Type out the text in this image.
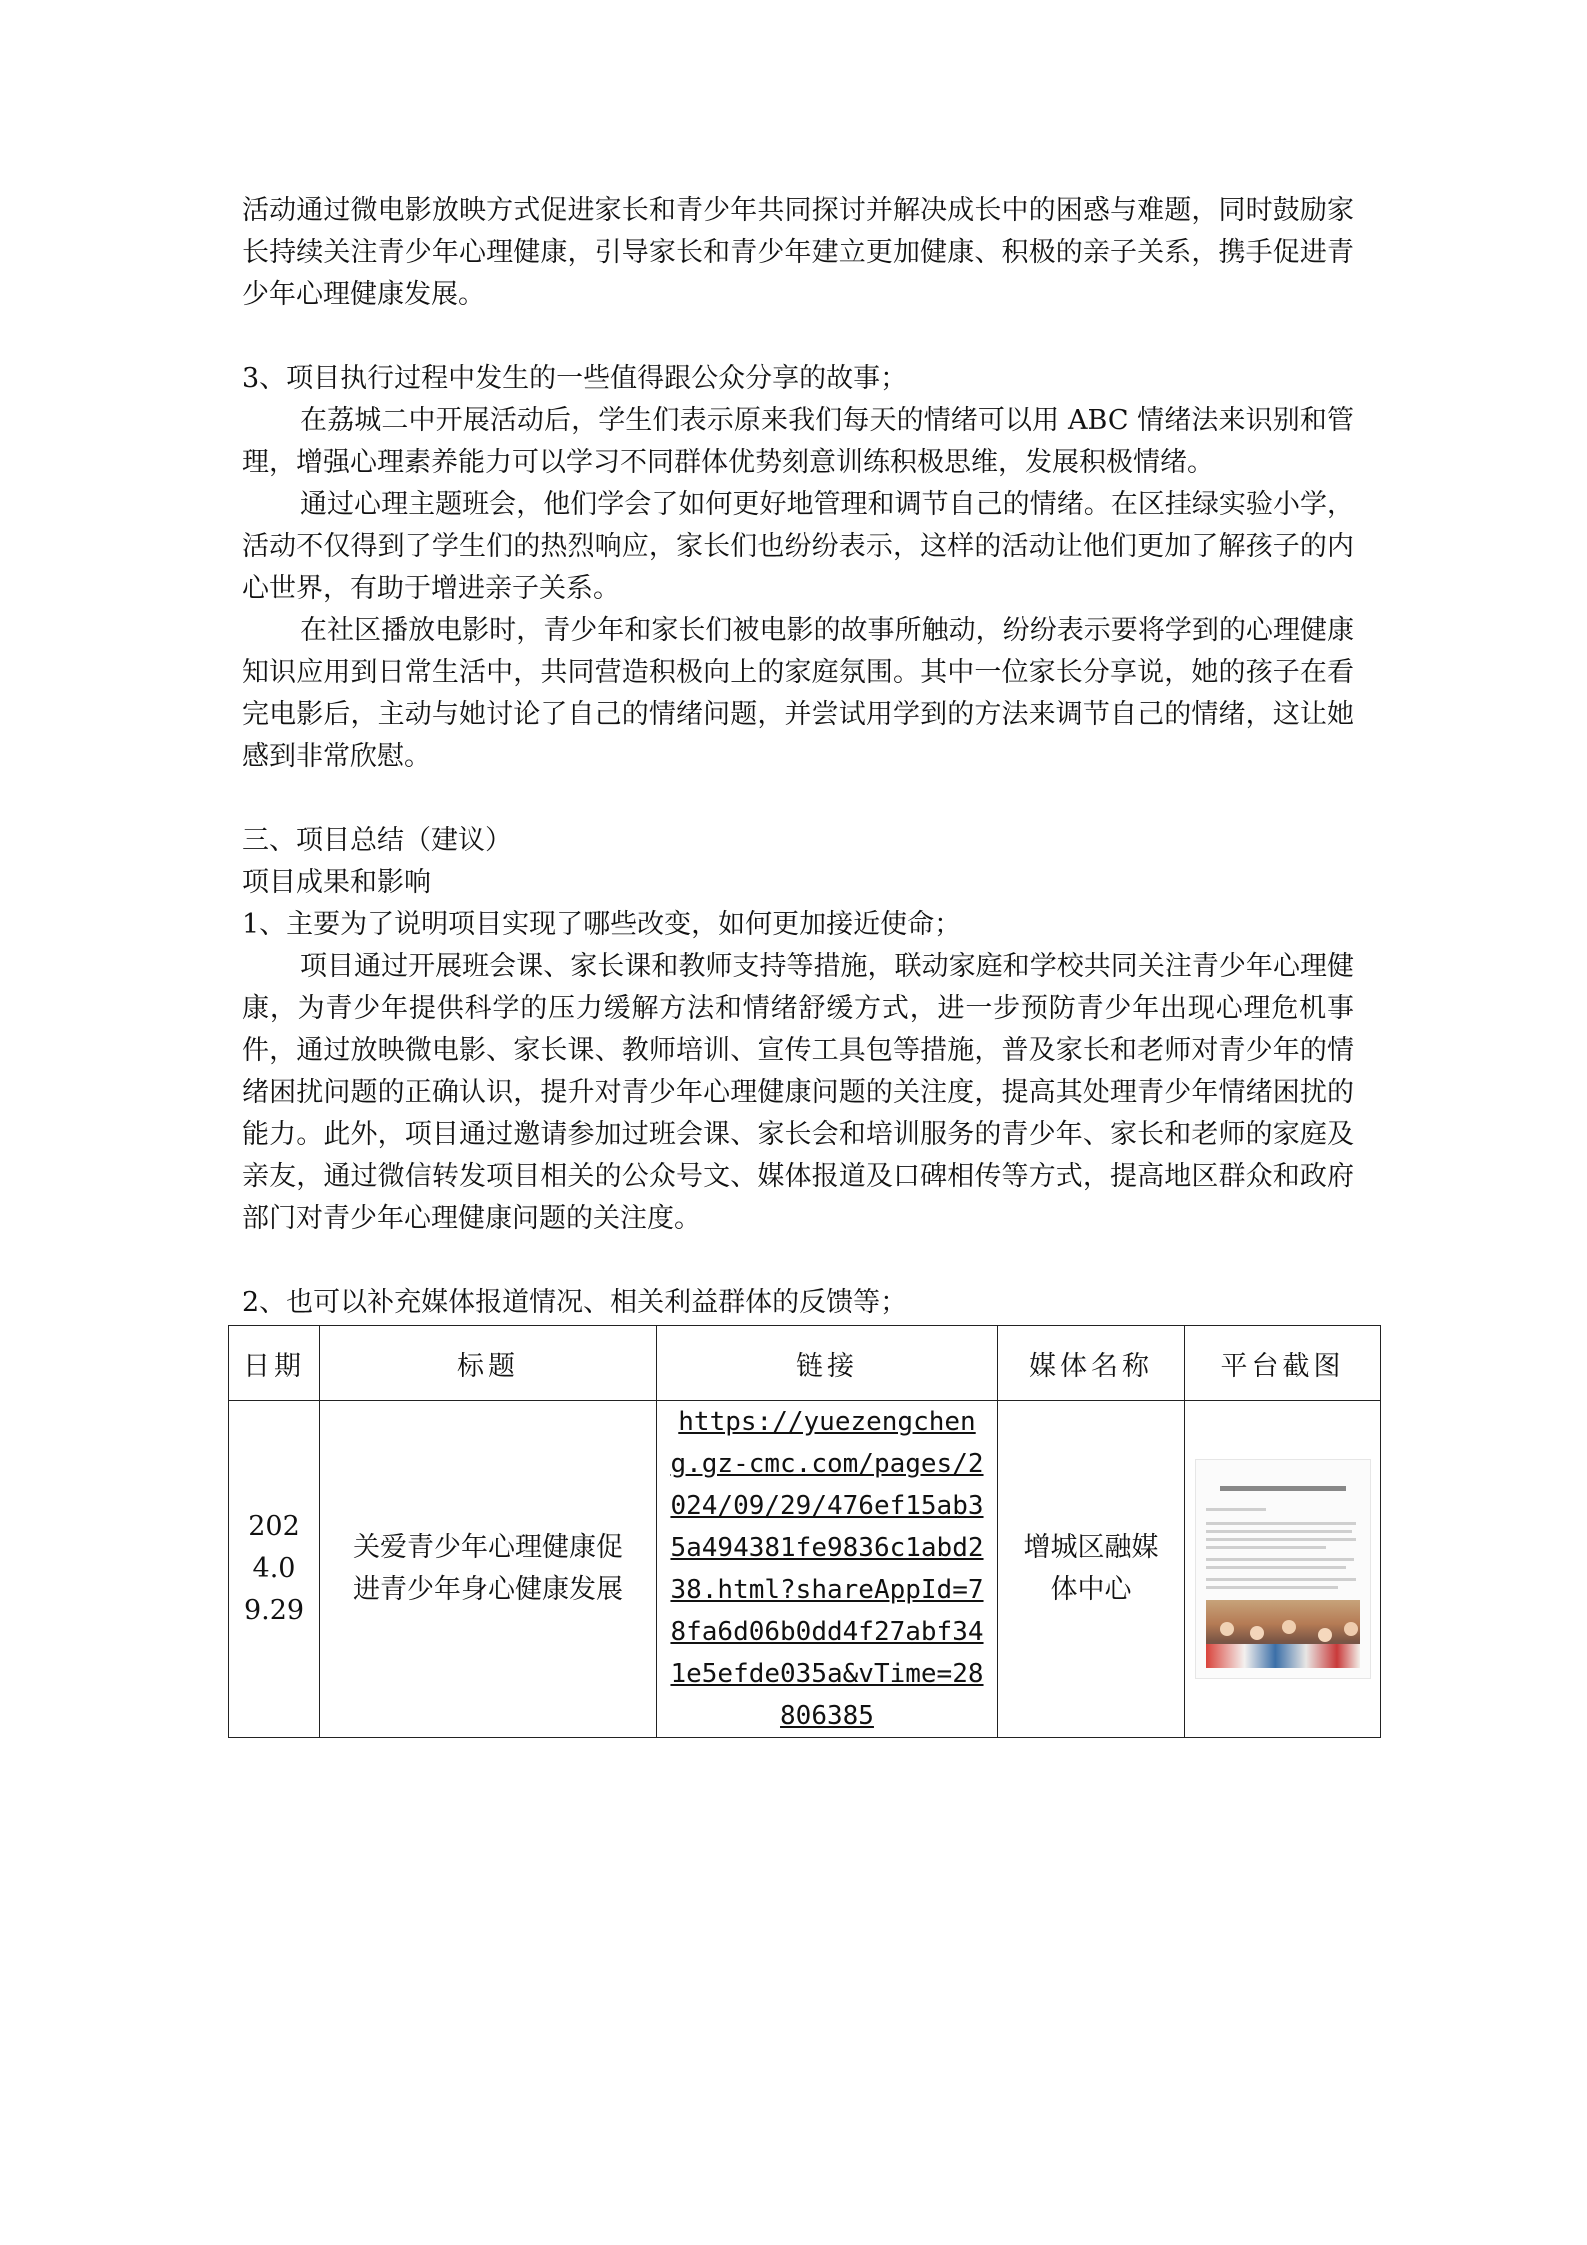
活动通过微电影放映方式促进家长和青少年共同探讨并解决成长中的困惑与难题，同时鼓励家长持续关注青少年心理健康，引导家长和青少年建立更加健康、积极的亲子关系，携手促进青少年心理健康发展。

3、项目执行过程中发生的一些值得跟公众分享的故事；

在荔城二中开展活动后，学生们表示原来我们每天的情绪可以用 ABC 情绪法来识别和管理，增强心理素养能力可以学习不同群体优势刻意训练积极思维，发展积极情绪。

通过心理主题班会，他们学会了如何更好地管理和调节自己的情绪。在区挂绿实验小学，活动不仅得到了学生们的热烈响应，家长们也纷纷表示，这样的活动让他们更加了解孩子的内心世界，有助于增进亲子关系。

在社区播放电影时，青少年和家长们被电影的故事所触动，纷纷表示要将学到的心理健康知识应用到日常生活中，共同营造积极向上的家庭氛围。其中一位家长分享说，她的孩子在看完电影后，主动与她讨论了自己的情绪问题，并尝试用学到的方法来调节自己的情绪，这让她感到非常欣慰。

三、项目总结（建议）

项目成果和影响

1、主要为了说明项目实现了哪些改变，如何更加接近使命；

项目通过开展班会课、家长课和教师支持等措施，联动家庭和学校共同关注青少年心理健康，为青少年提供科学的压力缓解方法和情绪舒缓方式，进一步预防青少年出现心理危机事件，通过放映微电影、家长课、教师培训、宣传工具包等措施，普及家长和老师对青少年的情绪困扰问题的正确认识，提升对青少年心理健康问题的关注度，提高其处理青少年情绪困扰的能力。此外，项目通过邀请参加过班会课、家长会和培训服务的青少年、家长和老师的家庭及亲友，通过微信转发项目相关的公众号文、媒体报道及口碑相传等方式，提高地区群众和政府部门对青少年心理健康问题的关注度。

2、也可以补充媒体报道情况、相关利益群体的反馈等；

日期	标题	链接	媒体名称	平台截图

2024.09.29	关爱青少年心理健康促进青少年身心健康发展	https://yuezengcheng.gz-cmc.com/pages/2024/09/29/476ef15ab35a494381fe9836c1abd238.html?shareAppId=78fa6d06b0dd4f27abf341e5efde035a&vTime=28806385	增城区融媒体中心	
